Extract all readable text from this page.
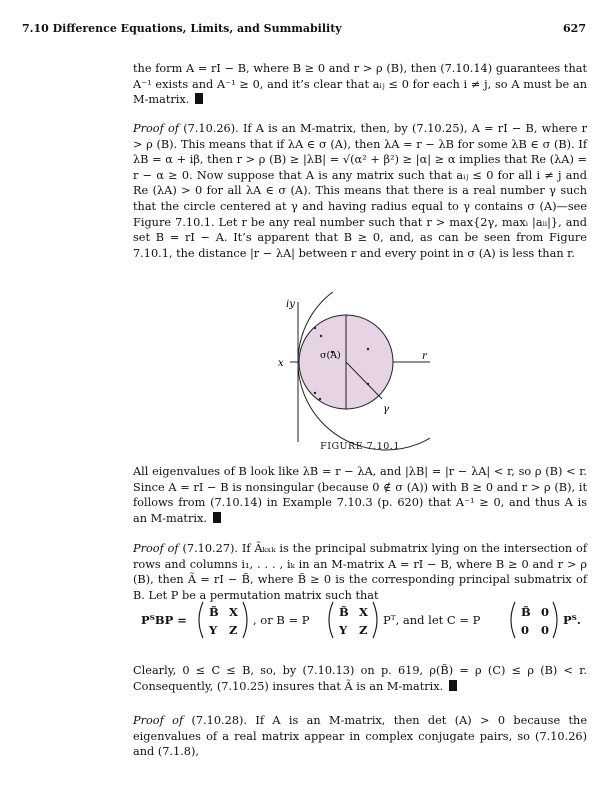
7.10 Difference Equations, Limits, and Summability	627

the form A = rI − B, where B ≥ 0 and r > ρ (B), then (7.10.14) guarantees that A⁻¹ exists and A⁻¹ ≥ 0, and it’s clear that aᵢⱼ ≤ 0 for each i ≠ j, so A must be an M-matrix.

Proof of (7.10.26). If A is an M-matrix, then, by (7.10.25), A = rI − B, where r > ρ (B). This means that if λA ∈ σ (A), then λA = r − λB for some λB ∈ σ (B). If λB = α + iβ, then r > ρ (B) ≥ |λB| = √(α² + β²) ≥ |α| ≥ α implies that Re (λA) = r − α ≥ 0. Now suppose that A is any matrix such that aᵢⱼ ≤ 0 for all i ≠ j and Re (λA) > 0 for all λA ∈ σ (A). This means that there is a real number γ such that the circle centered at γ and having radius equal to γ contains σ (A)—see Figure 7.10.1. Let r be any real number such that r > max{2γ, maxᵢ |aᵢᵢ|}, and set B = rI − A. It’s apparent that B ≥ 0, and, as can be seen from Figure 7.10.1, the distance |r − λA| between r and every point in σ (A) is less than r.

iy
x
σ(A)	r
γ
FIGURE 7.10.1

All eigenvalues of B look like λB = r − λA, and |λB| = |r − λA| < r, so ρ (B) < r. Since A = rI − B is nonsingular (because 0 ∉ σ (A)) with B ≥ 0 and r > ρ (B), it follows from (7.10.14) in Example 7.10.3 (p. 620) that A⁻¹ ≥ 0, and thus A is an M-matrix.

Proof of (7.10.27). If Ãₖₓₖ is the principal submatrix lying on the intersection of rows and columns i₁, . . . , iₖ in an M-matrix A = rI − B, where B ≥ 0 and r > ρ (B), then Ã = rI − B̃, where B̃ ≥ 0 is the corresponding principal submatrix of B. Let P be a permutation matrix such that

PᵀBP =
B̃ X
Y Z
, or B = P
B̃ X
Y Z
Pᵀ, and let C = P
B̃ 0
0 0
Pᵀ.

Clearly, 0 ≤ C ≤ B, so, by (7.10.13) on p. 619, ρ(B̃) = ρ (C) ≤ ρ (B) < r. Consequently, (7.10.25) insures that Ã is an M-matrix.

Proof of (7.10.28). If A is an M-matrix, then det (A) > 0 because the eigenvalues of a real matrix appear in complex conjugate pairs, so (7.10.26) and (7.1.8),
